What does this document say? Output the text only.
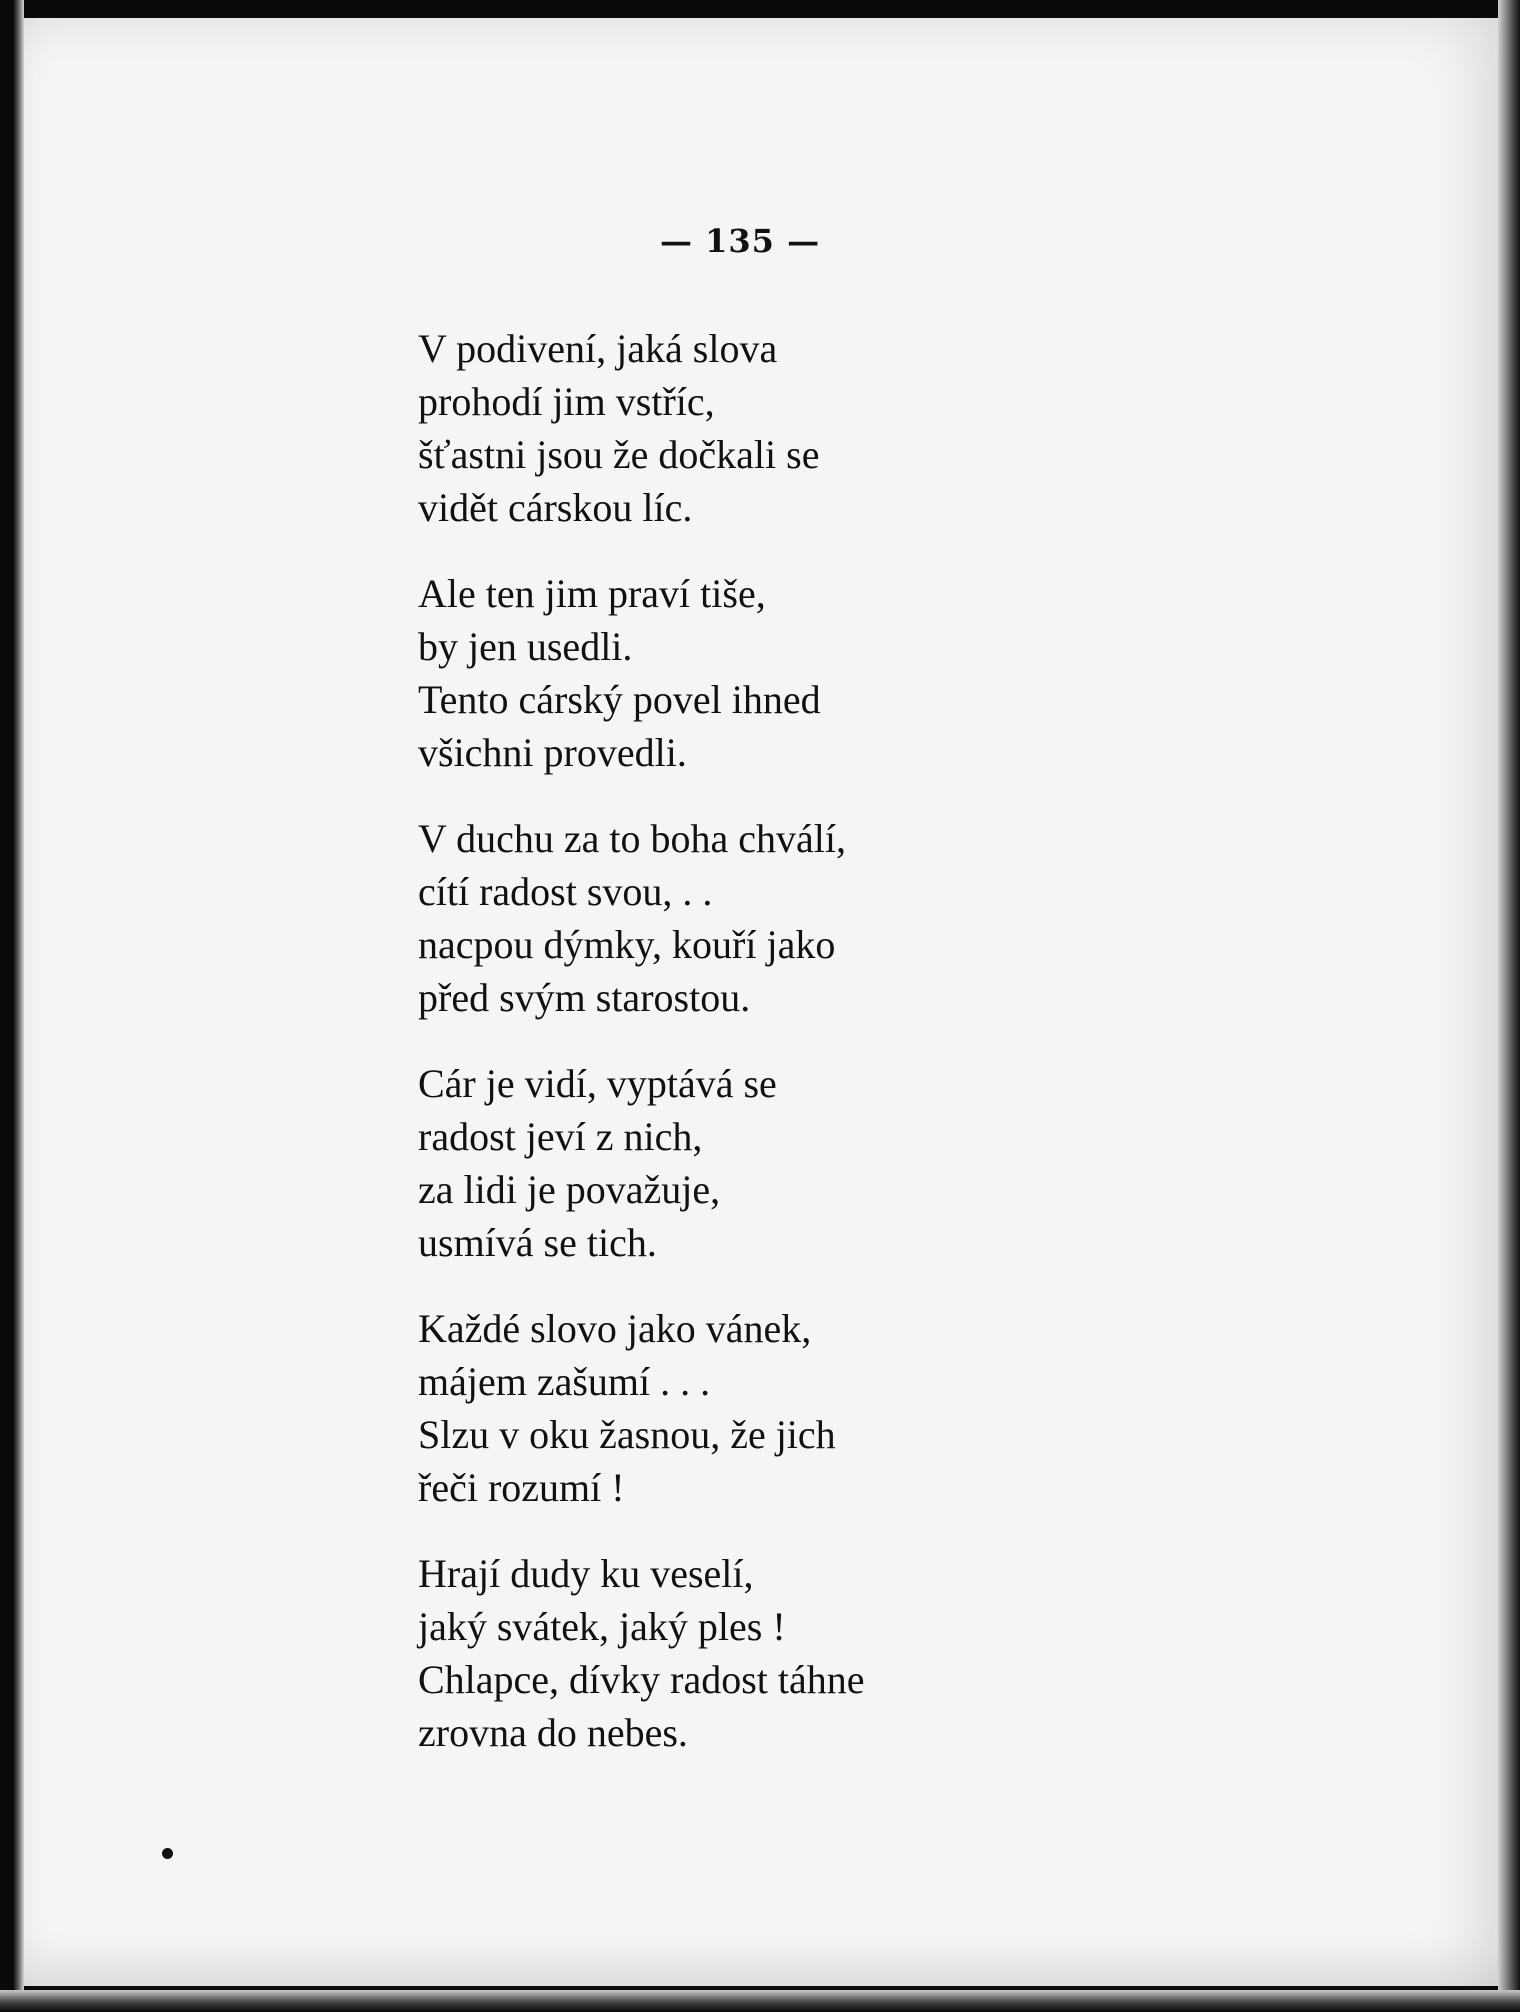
— 135 —
V podivení, jaká slova
prohodí jim vstříc,
šťastni jsou že dočkali se
vidět cárskou líc.
Ale ten jim praví tiše,
by jen usedli.
Tento cárský povel ihned
všichni provedli.
V duchu za to boha chválí,
cítí radost svou, . .
nacpou dýmky, kouří jako
před svým starostou.
Cár je vidí, vyptává se
radost jeví z nich,
za lidi je považuje,
usmívá se tich.
Každé slovo jako vánek,
májem zašumí . . .
Slzu v oku žasnou, že jich
řeči rozumí !
Hrají dudy ku veselí,
jaký svátek, jaký ples !
Chlapce, dívky radost táhne
zrovna do nebes.
